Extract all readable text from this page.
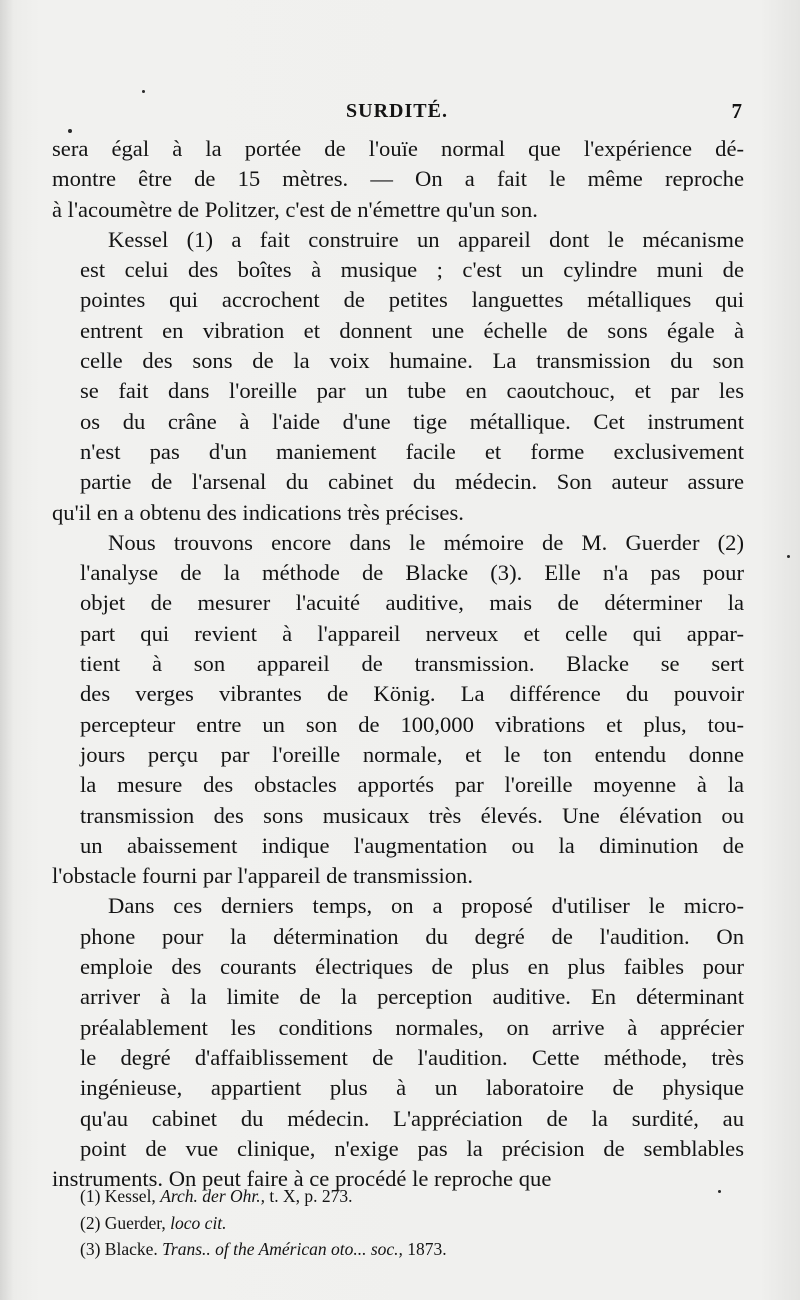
SURDITÉ.	7

sera égal à la portée de l'ouïe normal que l'expérience dé-
montre être de 15 mètres. — On a fait le même reproche
à l'acoumètre de Politzer, c'est de n'émettre qu'un son.

Kessel (1) a fait construire un appareil dont le mécanisme
est celui des boîtes à musique ; c'est un cylindre muni de
pointes qui accrochent de petites languettes métalliques qui
entrent en vibration et donnent une échelle de sons égale à
celle des sons de la voix humaine. La transmission du son
se fait dans l'oreille par un tube en caoutchouc, et par les
os du crâne à l'aide d'une tige métallique. Cet instrument
n'est pas d'un maniement facile et forme exclusivement
partie de l'arsenal du cabinet du médecin. Son auteur assure
qu'il en a obtenu des indications très précises.

Nous trouvons encore dans le mémoire de M. Guerder (2)
l'analyse de la méthode de Blacke (3). Elle n'a pas pour
objet de mesurer l'acuité auditive, mais de déterminer la
part qui revient à l'appareil nerveux et celle qui appar-
tient à son appareil de transmission. Blacke se sert
des verges vibrantes de König. La différence du pouvoir
percepteur entre un son de 100,000 vibrations et plus, tou-
jours perçu par l'oreille normale, et le ton entendu donne
la mesure des obstacles apportés par l'oreille moyenne à la
transmission des sons musicaux très élevés. Une élévation ou
un abaissement indique l'augmentation ou la diminution de
l'obstacle fourni par l'appareil de transmission.

Dans ces derniers temps, on a proposé d'utiliser le micro-
phone pour la détermination du degré de l'audition. On
emploie des courants électriques de plus en plus faibles pour
arriver à la limite de la perception auditive. En déterminant
préalablement les conditions normales, on arrive à apprécier
le degré d'affaiblissement de l'audition. Cette méthode, très
ingénieuse, appartient plus à un laboratoire de physique
qu'au cabinet du médecin. L'appréciation de la surdité, au
point de vue clinique, n'exige pas la précision de semblables
instruments. On peut faire à ce procédé le reproche que

(1) Kessel, Arch. der Ohr., t. X, p. 273.
(2) Guerder, loco cit.
(3) Blacke. Trans.. of the Américan oto... soc., 1873.
